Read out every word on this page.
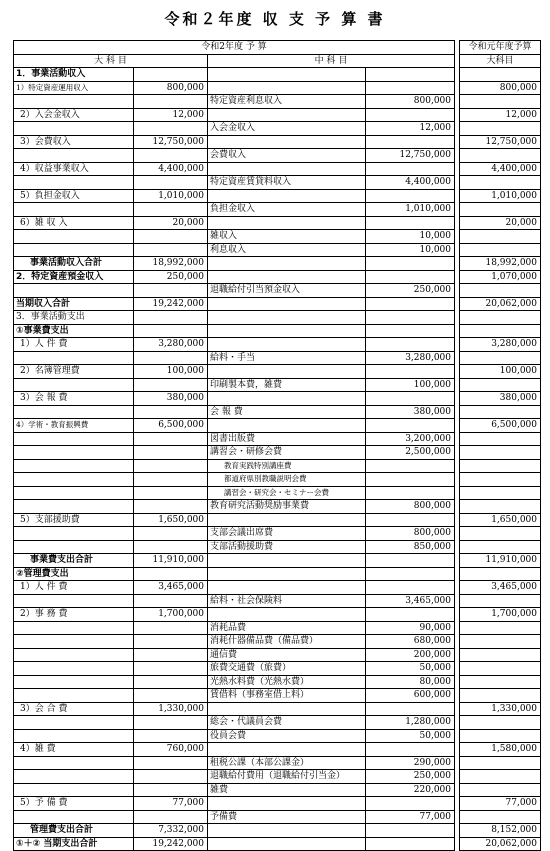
令和２年度 収 支 予 算 書
令和2年度 予 算					令和元年度予算
大 科 目		中 科 目			大科目
1．事業活動収入					
1）特定資産運用収入	800,000				800,000
		特定資産利息収入	800,000		
2）入会金収入	12,000				12,000
		入会金収入	12,000		
3）会費収入	12,750,000				12,750,000
		会費収入	12,750,000		
4）収益事業収入	4,400,000				4,400,000
		特定資産賃貸料収入	4,400,000		
5）負担金収入	1,010,000				1,010,000
		負担金収入	1,010,000		
6）雑 収 入	20,000				20,000
		雑収入	10,000		
		利息収入	10,000		
事業活動収入合計	18,992,000				18,992,000
2．特定資産預金収入	250,000				1,070,000
		退職給付引当預金収入	250,000		
当期収入合計	19,242,000				20,062,000
3．事業活動支出					
①事業費支出					
1）人 件 費	3,280,000				3,280,000
		給料・手当	3,280,000		
2）名簿管理費	100,000				100,000
		印刷製本費，雑費	100,000		
3）会 報 費	380,000				380,000
		会 報 費	380,000		
4）学術・教育振興費	6,500,000				6,500,000
		図書出版費	3,200,000		
		講習会・研修会費	2,500,000		
		教育実践特別講座費			
		都道府県別教職説明会費			
		講習会・研究会・セミナー会費			
		教育研究活動奨励事業費	800,000		
5）支部援助費	1,650,000				1,650,000
		支部会議出席費	800,000		
		支部活動援助費	850,000		
事業費支出合計	11,910,000				11,910,000
②管理費支出					
1）人 件 費	3,465,000				3,465,000
		給料・社会保険料	3,465,000		
2）事 務 費	1,700,000				1,700,000
		消耗品費	90,000		
		消耗什器備品費（備品費）	680,000		
		通信費	200,000		
		旅費交通費（旅費）	50,000		
		光熱水料費（光熱水費）	80,000		
		賃借料（事務室借上料）	600,000		
3）会 合 費	1,330,000				1,330,000
		総会・代議員会費	1,280,000		
		役員会費	50,000		
4）雑 費	760,000				1,580,000
		租税公課（本部公課金）	290,000		
		退職給付費用（退職給付引当金）	250,000		
		雑費	220,000		
5）予 備 費	77,000				77,000
		予備費	77,000		
管理費支出合計	7,332,000				8,152,000
①＋② 当期支出合計	19,242,000				20,062,000
